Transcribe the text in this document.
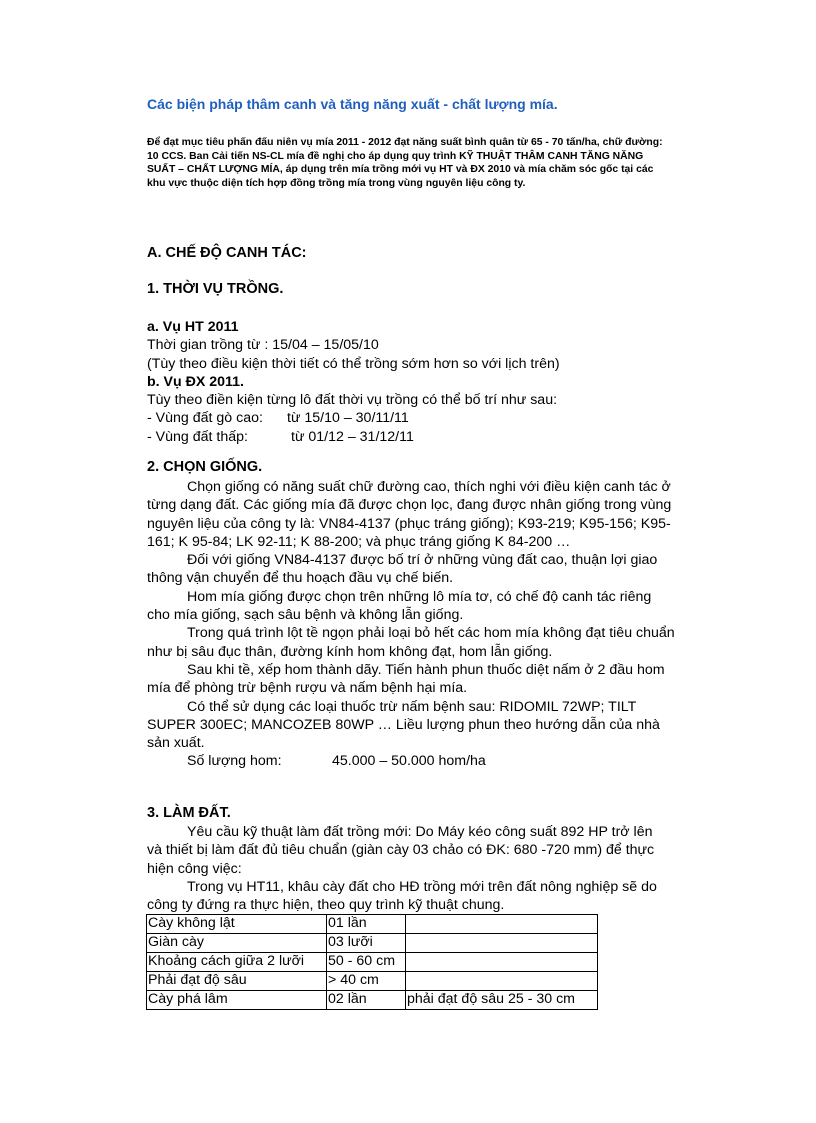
Các biện pháp thâm canh và tăng năng xuất - chất lượng mía.
Để đạt mục tiêu phấn đấu niên vụ mía 2011 - 2012 đạt năng suất bình quân từ 65 - 70 tấn/ha, chữ đường: 10 CCS. Ban Cải tiến NS-CL mía đề nghị cho áp dụng quy trình KỸ THUẬT THÂM CANH TĂNG NĂNG SUẤT – CHẤT LƯỢNG MÍA, áp dụng trên mía trồng mới vụ HT và ĐX 2010 và mía chăm sóc gốc tại các khu vực thuộc diện tích hợp đồng trồng mía trong vùng nguyên liệu công ty.
A. CHẾ ĐỘ CANH TÁC:
1. THỜI VỤ TRỒNG.
a. Vụ HT 2011
Thời gian trồng từ : 15/04 – 15/05/10
(Tùy theo điều kiện thời tiết có thể trồng sớm hơn so với lịch trên)
b. Vụ ĐX 2011.
Tùy theo điền kiện từng lô đất thời vụ trồng có thể bố trí như sau:
- Vùng đất gò cao: từ 15/10 – 30/11/11
- Vùng đất thấp:	từ 01/12 – 31/12/11
2. CHỌN GIỐNG.
Chọn giống có năng suất chữ đường cao, thích nghi với điều kiện canh tác ở từng dạng đất. Các giống mía đã được chọn lọc, đang được nhân giống trong vùng nguyên liệu của công ty là: VN84-4137 (phục tráng giống); K93-219; K95-156; K95- 161; K 95-84; LK 92-11; K 88-200; và phục tráng giống K 84-200 …
Đối với giống VN84-4137 được bố trí ở những vùng đất cao, thuận lợi giao thông vận chuyển để thu hoạch đầu vụ chế biến.
Hom mía giống được chọn trên những lô mía tơ, có chế độ canh tác riêng cho mía giống, sạch sâu bệnh và không lẫn giống.
Trong quá trình lột tề ngọn phải loại bỏ hết các hom mía không đạt tiêu chuẩn như bị sâu đục thân, đường kính hom không đạt, hom lẫn giống.
Sau khi tề, xếp hom thành dãy. Tiến hành phun thuốc diệt nấm ở 2 đầu hom mía để phòng trừ bệnh rượu và nấm bệnh hại mía.
Có thể sử dụng các loại thuốc trừ nấm bệnh sau: RIDOMIL 72WP; TILT SUPER 300EC; MANCOZEB 80WP … Liều lượng phun theo hướng dẫn của nhà sản xuất.
Số lượng hom:	45.000 – 50.000 hom/ha
3. LÀM ĐẤT.
Yêu cầu kỹ thuật làm đất trồng mới: Do Máy kéo công suất 892 HP trở lên và thiết bị làm đất đủ tiêu chuẩn (giàn cày 03 chảo có ĐK: 680 -720 mm) để thực hiện công việc:
Trong vụ HT11, khâu cày đất cho HĐ trồng mới trên đất nông nghiệp sẽ do công ty đứng ra thực hiện, theo quy trình kỹ thuật chung.
Cày không lật	01 lần	
Giàn cày	03 lưỡi	
Khoảng cách giữa 2 lưỡi	50 - 60 cm	
Phải đạt độ sâu	> 40 cm	
Cày phá lâm	02 lần	phải đạt độ sâu 25 - 30 cm
